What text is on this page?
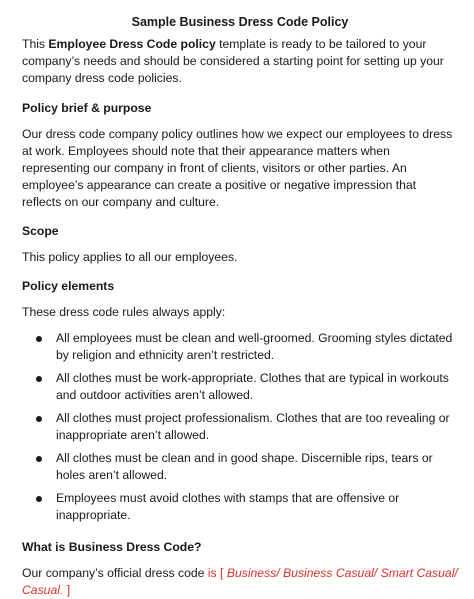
Sample Business Dress Code Policy

This Employee Dress Code policy template is ready to be tailored to your company’s needs and should be considered a starting point for setting up your company dress code policies.

Policy brief & purpose

Our dress code company policy outlines how we expect our employees to dress at work. Employees should note that their appearance matters when representing our company in front of clients, visitors or other parties. An employee’s appearance can create a positive or negative impression that reflects on our company and culture.

Scope

This policy applies to all our employees.

Policy elements

These dress code rules always apply:

All employees must be clean and well-groomed. Grooming styles dictated by religion and ethnicity aren’t restricted.
All clothes must be work-appropriate. Clothes that are typical in workouts and outdoor activities aren’t allowed.
All clothes must project professionalism. Clothes that are too revealing or inappropriate aren’t allowed.
All clothes must be clean and in good shape. Discernible rips, tears or holes aren’t allowed.
Employees must avoid clothes with stamps that are offensive or inappropriate.
What is Business Dress Code?

Our company’s official dress code is [ Business/ Business Casual/ Smart Casual/ Casual. ]
